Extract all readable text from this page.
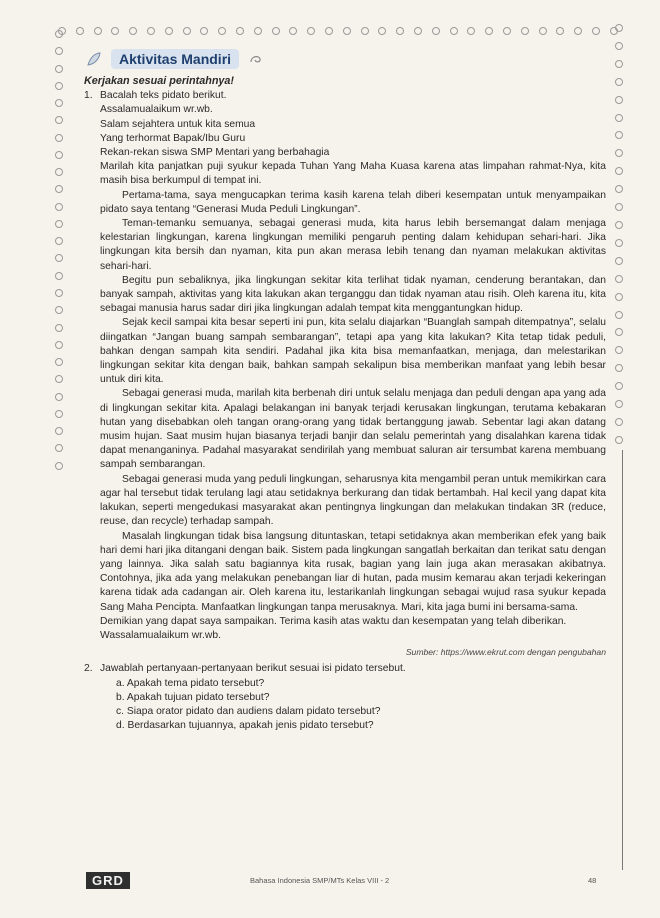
Aktivitas Mandiri

Kerjakan sesuai perintahnya!

1. Bacalah teks pidato berikut.

Assalamualaikum wr.wb.

Salam sejahtera untuk kita semua

Yang terhormat Bapak/Ibu Guru

Rekan-rekan siswa SMP Mentari yang berbahagia

Marilah kita panjatkan puji syukur kepada Tuhan Yang Maha Kuasa karena atas limpahan rahmat-Nya, kita masih bisa berkumpul di tempat ini.

Pertama-tama, saya mengucapkan terima kasih karena telah diberi kesempatan untuk menyampaikan pidato saya tentang “Generasi Muda Peduli Lingkungan”.

Teman-temanku semuanya, sebagai generasi muda, kita harus lebih bersemangat dalam menjaga kelestarian lingkungan, karena lingkungan memiliki pengaruh penting dalam kehidupan sehari-hari. Jika lingkungan kita bersih dan nyaman, kita pun akan merasa lebih tenang dan nyaman melakukan aktivitas sehari-hari.

Begitu pun sebaliknya, jika lingkungan sekitar kita terlihat tidak nyaman, cenderung berantakan, dan banyak sampah, aktivitas yang kita lakukan akan terganggu dan tidak nyaman atau risih. Oleh karena itu, kita sebagai manusia harus sadar diri jika lingkungan adalah tempat kita menggantungkan hidup.

Sejak kecil sampai kita besar seperti ini pun, kita selalu diajarkan “Buanglah sampah ditempatnya”, selalu diingatkan “Jangan buang sampah sembarangan”, tetapi apa yang kita lakukan? Kita tetap tidak peduli, bahkan dengan sampah kita sendiri. Padahal jika kita bisa memanfaatkan, menjaga, dan melestarikan lingkungan sekitar kita dengan baik, bahkan sampah sekalipun bisa memberikan manfaat yang lebih besar untuk diri kita.

Sebagai generasi muda, marilah kita berbenah diri untuk selalu menjaga dan peduli dengan apa yang ada di lingkungan sekitar kita. Apalagi belakangan ini banyak terjadi kerusakan lingkungan, terutama kebakaran hutan yang disebabkan oleh tangan orang-orang yang tidak bertanggung jawab. Sebentar lagi akan datang musim hujan. Saat musim hujan biasanya terjadi banjir dan selalu pemerintah yang disalahkan karena tidak dapat menanganinya. Padahal masyarakat sendirilah yang membuat saluran air tersumbat karena membuang sampah sembarangan.

Sebagai generasi muda yang peduli lingkungan, seharusnya kita mengambil peran untuk memikirkan cara agar hal tersebut tidak terulang lagi atau setidaknya berkurang dan tidak bertambah. Hal kecil yang dapat kita lakukan, seperti mengedukasi masyarakat akan pentingnya lingkungan dan melakukan tindakan 3R (reduce, reuse, dan recycle) terhadap sampah.

Masalah lingkungan tidak bisa langsung dituntaskan, tetapi setidaknya akan memberikan efek yang baik hari demi hari jika ditangani dengan baik. Sistem pada lingkungan sangatlah berkaitan dan terikat satu dengan yang lainnya. Jika salah satu bagiannya kita rusak, bagian yang lain juga akan merasakan akibatnya. Contohnya, jika ada yang melakukan penebangan liar di hutan, pada musim kemarau akan terjadi kekeringan karena tidak ada cadangan air. Oleh karena itu, lestarikanlah lingkungan sebagai wujud rasa syukur kepada Sang Maha Pencipta. Manfaatkan lingkungan tanpa merusaknya. Mari, kita jaga bumi ini bersama-sama.

Demikian yang dapat saya sampaikan. Terima kasih atas waktu dan kesempatan yang telah diberikan.

Wassalamualaikum wr.wb.

Sumber: https://www.ekrut.com dengan pengubahan

2. Jawablah pertanyaan-pertanyaan berikut sesuai isi pidato tersebut.

a. Apakah tema pidato tersebut?

b. Apakah tujuan pidato tersebut?

c. Siapa orator pidato dan audiens dalam pidato tersebut?

d. Berdasarkan tujuannya, apakah jenis pidato tersebut?

GRD	Bahasa Indonesia SMP/MTs Kelas VIII - 2	48
